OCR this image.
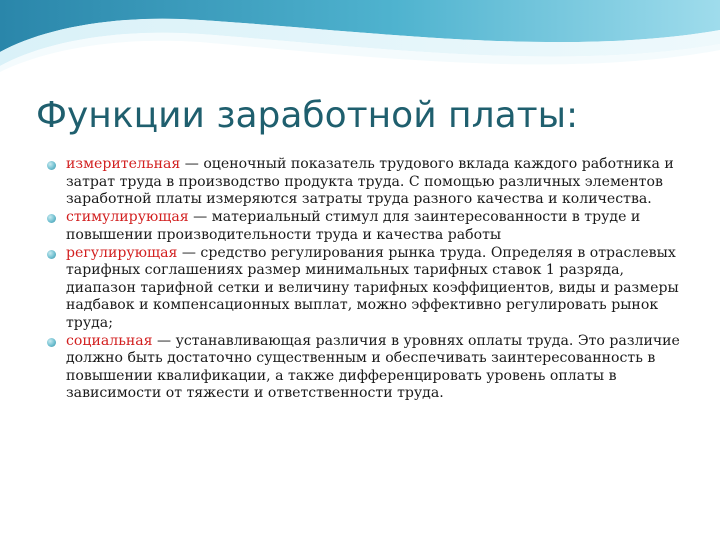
Функции заработной платы:
измерительная — оценочный показатель трудового вклада каждого работника и затрат труда в производство продукта труда. С помощью различных элементов заработной платы измеряются затраты труда разного качества и количества.
стимулирующая — материальный стимул для заинтересованности в труде и повышении производительности труда и качества работы
регулирующая — средство регулирования рынка труда. Определяя в отраслевых тарифных соглашениях размер минимальных тарифных ставок 1 разряда, диапазон тарифной сетки и величину тарифных коэффициентов, виды и размеры надбавок и компенсационных выплат, можно эффективно регулировать рынок труда;
социальная — устанавливающая различия в уровнях оплаты труда. Это различие должно быть достаточно существенным и обеспечивать заинтересованность в повышении квалификации, а также дифференцировать уровень оплаты в зависимости от тяжести и ответственности труда.
